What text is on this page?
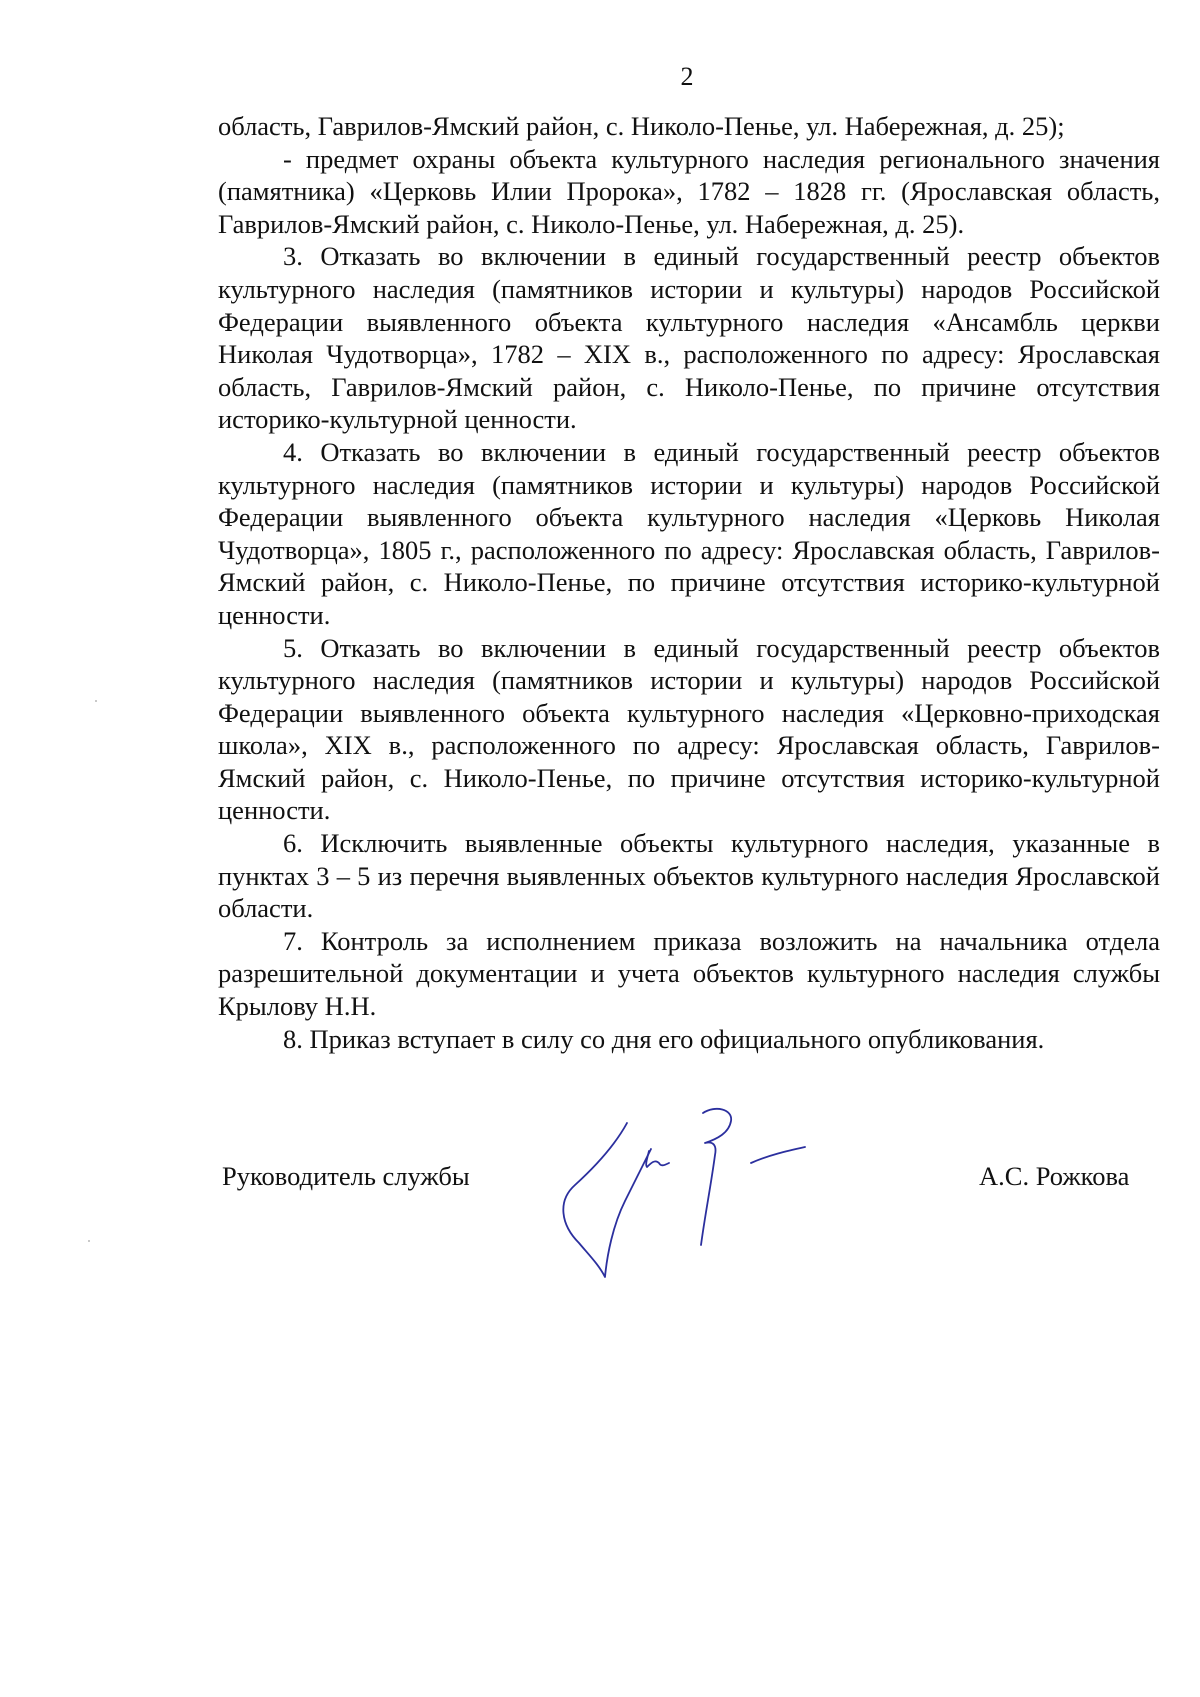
2

область, Гаврилов-Ямский район, с. Николо-Пенье, ул. Набережная, д. 25);

- предмет охраны объекта культурного наследия регионального значения (памятника) «Церковь Илии Пророка», 1782 – 1828 гг. (Ярославская область, Гаврилов-Ямский район, с. Николо-Пенье, ул. Набережная, д. 25).

3. Отказать во включении в единый государственный реестр объектов культурного наследия (памятников истории и культуры) народов Российской Федерации выявленного объекта культурного наследия «Ансамбль церкви Николая Чудотворца», 1782 – XIX в., расположенного по адресу: Ярославская область, Гаврилов-Ямский район, с. Николо-Пенье, по причине отсутствия историко-культурной ценности.

4. Отказать во включении в единый государственный реестр объектов культурного наследия (памятников истории и культуры) народов Российской Федерации выявленного объекта культурного наследия «Церковь Николая Чудотворца», 1805 г., расположенного по адресу: Ярославская область, Гаврилов-Ямский район, с. Николо-Пенье, по причине отсутствия историко-культурной ценности.

5. Отказать во включении в единый государственный реестр объектов культурного наследия (памятников истории и культуры) народов Российской Федерации выявленного объекта культурного наследия «Церковно-приходская школа», XIX в., расположенного по адресу: Ярославская область, Гаврилов-Ямский район, с. Николо-Пенье, по причине отсутствия историко-культурной ценности.

6. Исключить выявленные объекты культурного наследия, указанные в пунктах 3 – 5 из перечня выявленных объектов культурного наследия Ярославской области.

7. Контроль за исполнением приказа возложить на начальника отдела разрешительной документации и учета объектов культурного наследия службы Крылову Н.Н.

8. Приказ вступает в силу со дня его официального опубликования.

Руководитель службы	А.С. Рожкова
